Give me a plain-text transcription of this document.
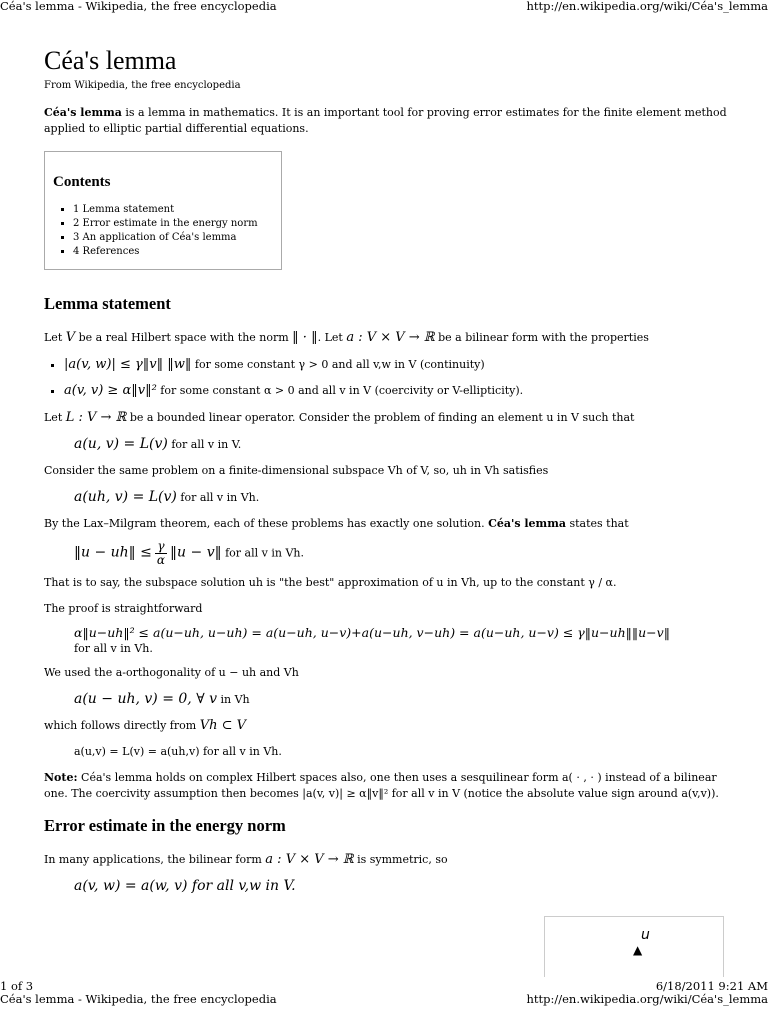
Céa's lemma - Wikipedia, the free encyclopedia	http://en.wikipedia.org/wiki/Céa's_lemma
Céa's lemma
From Wikipedia, the free encyclopedia

Céa's lemma is a lemma in mathematics. It is an important tool for proving error estimates for the finite element method applied to elliptic partial differential equations.

Contents
▪ 1 Lemma statement
▪ 2 Error estimate in the energy norm
▪ 3 An application of Céa's lemma
▪ 4 References
Lemma statement

Let V be a real Hilbert space with the norm ‖ · ‖. Let a : V × V → ℝ be a bilinear form with the properties

▪ |a(v, w)| ≤ γ‖v‖ ‖w‖ for some constant γ > 0 and all v,w in V (continuity)
▪ a(v, v) ≥ α‖v‖² for some constant α > 0 and all v in V (coercivity or V-ellipticity).

Let L : V → ℝ be a bounded linear operator. Consider the problem of finding an element u in V such that

a(u, v) = L(v) for all v in V.

Consider the same problem on a finite-dimensional subspace Vh of V, so, uh in Vh satisfies

a(uh, v) = L(v) for all v in Vh.

By the Lax–Milgram theorem, each of these problems has exactly one solution. Céa's lemma states that

‖u − uh‖ ≤ $\frac{\gamma}{\alpha}$ ‖u − v‖ for all v in Vh.

That is to say, the subspace solution uh is "the best" approximation of u in Vh, up to the constant γ / α.

The proof is straightforward

α‖u−uh‖² ≤ a(u−uh, u−uh) = a(u−uh, u−v)+a(u−uh, v−uh) = a(u−uh, u−v) ≤ γ‖u−uh‖‖u−v‖
for all v in Vh.

We used the a-orthogonality of u − uh and Vh

a(u − uh, v) = 0, ∀ v in Vh

which follows directly from Vh ⊂ V

a(u,v) = L(v) = a(uh,v) for all v in Vh.

Note: Céa's lemma holds on complex Hilbert spaces also, one then uses a sesquilinear form a( · , · ) instead of a bilinear one. The coercivity assumption then becomes |a(v, v)| ≥ α‖v‖² for all v in V (notice the absolute value sign around a(v,v)).

Error estimate in the energy norm

In many applications, the bilinear form a : V × V → ℝ is symmetric, so

a(v, w) = a(w, v) for all v,w in V.
u
▲
1 of 3	6/18/2011 9:21 AM
Céa's lemma - Wikipedia, the free encyclopedia	http://en.wikipedia.org/wiki/Céa's_lemma
